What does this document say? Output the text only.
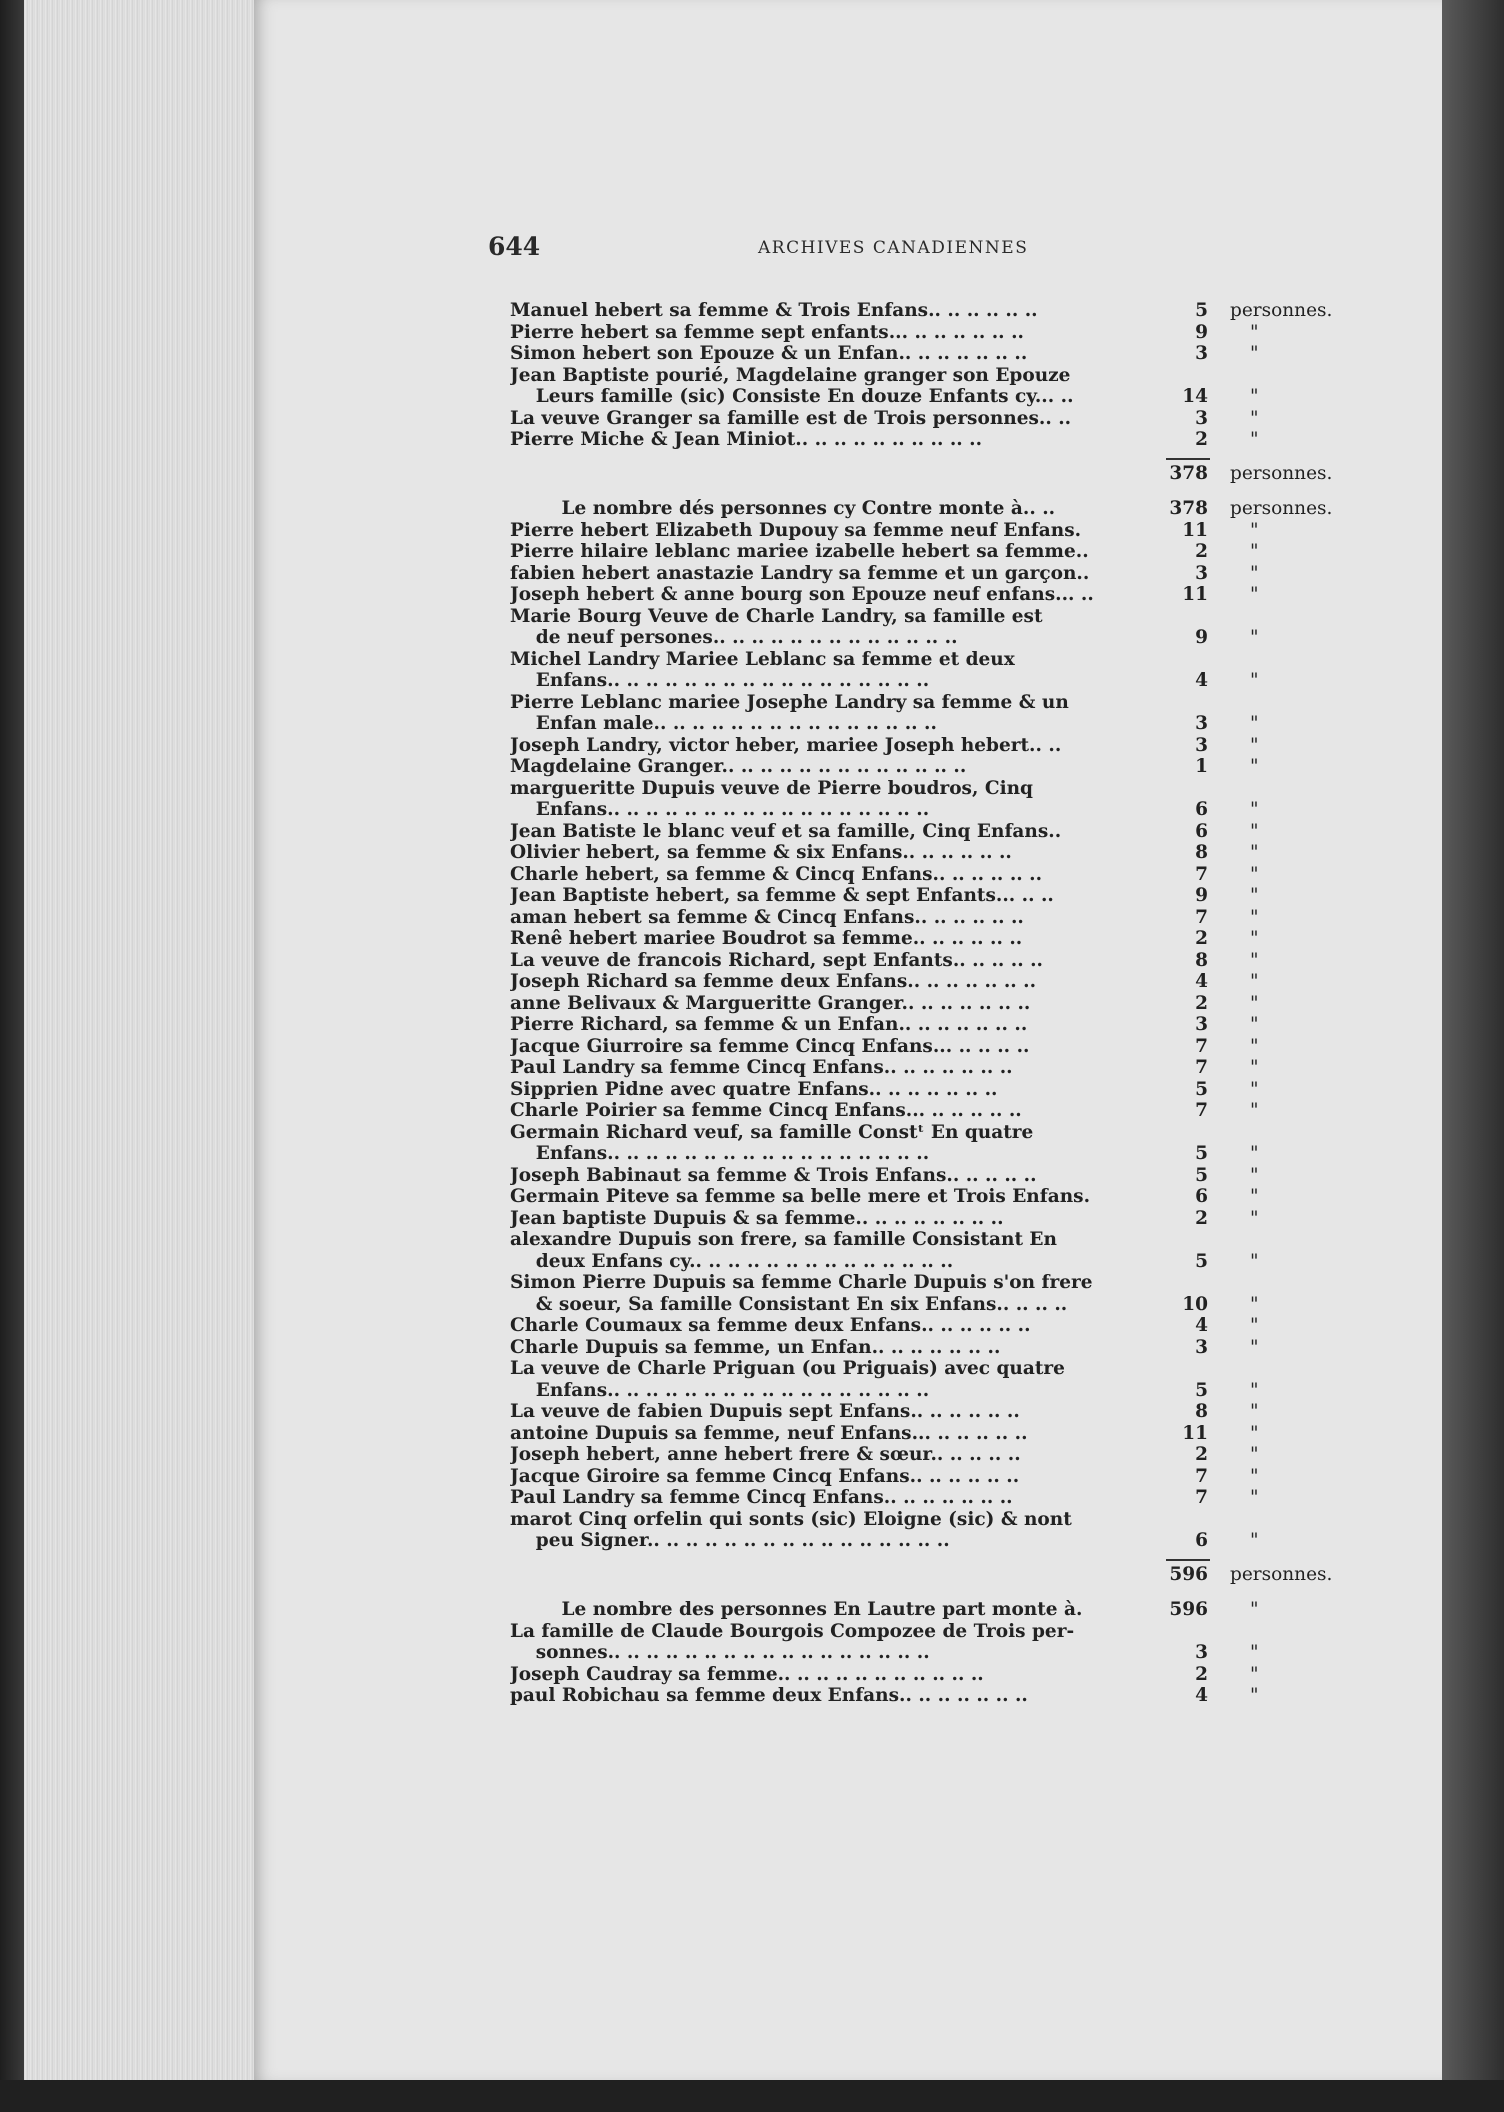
644	ARCHIVES CANADIENNES
Manuel hebert sa femme & Trois Enfans.. .. .. .. .. ..	5	personnes.
Pierre hebert sa femme sept enfants... .. .. .. .. .. ..	9	"
Simon hebert son Epouze & un Enfan.. .. .. .. .. .. ..	3	"
Jean Baptiste pourié, Magdelaine granger son Epouze
Leurs famille (sic) Consiste En douze Enfants cy... ..	14	"
La veuve Granger sa famille est de Trois personnes.. ..	3	"
Pierre Miche & Jean Miniot.. .. .. .. .. .. .. .. .. ..	2	"
378	personnes.
Le nombre dés personnes cy Contre monte à.. ..	378	personnes.
Pierre hebert Elizabeth Dupouy sa femme neuf Enfans.	11	"
Pierre hilaire leblanc mariee izabelle hebert sa femme..	2	"
fabien hebert anastazie Landry sa femme et un garçon..	3	"
Joseph hebert & anne bourg son Epouze neuf enfans... ..	11	"
Marie Bourg Veuve de Charle Landry, sa famille est
de neuf persones.. .. .. .. .. .. .. .. .. .. .. .. ..	9	"
Michel Landry Mariee Leblanc sa femme et deux
Enfans.. .. .. .. .. .. .. .. .. .. .. .. .. .. .. .. ..	4	"
Pierre Leblanc mariee Josephe Landry sa femme & un
Enfan male.. .. .. .. .. .. .. .. .. .. .. .. .. .. ..	3	"
Joseph Landry, victor heber, mariee Joseph hebert.. ..	3	"
Magdelaine Granger.. .. .. .. .. .. .. .. .. .. .. .. ..	1	"
margueritte Dupuis veuve de Pierre boudros, Cinq
Enfans.. .. .. .. .. .. .. .. .. .. .. .. .. .. .. .. ..	6	"
Jean Batiste le blanc veuf et sa famille, Cinq Enfans..	6	"
Olivier hebert, sa femme & six Enfans.. .. .. .. .. ..	8	"
Charle hebert, sa femme & Cincq Enfans.. .. .. .. .. ..	7	"
Jean Baptiste hebert, sa femme & sept Enfants... .. ..	9	"
aman hebert sa femme & Cincq Enfans.. .. .. .. .. ..	7	"
Renê hebert mariee Boudrot sa femme.. .. .. .. .. ..	2	"
La veuve de francois Richard, sept Enfants.. .. .. .. ..	8	"
Joseph Richard sa femme deux Enfans.. .. .. .. .. .. ..	4	"
anne Belivaux & Margueritte Granger.. .. .. .. .. .. ..	2	"
Pierre Richard, sa femme & un Enfan.. .. .. .. .. .. ..	3	"
Jacque Giurroire sa femme Cincq Enfans... .. .. .. ..	7	"
Paul Landry sa femme Cincq Enfans.. .. .. .. .. .. ..	7	"
Sipprien Pidne avec quatre Enfans.. .. .. .. .. .. ..	5	"
Charle Poirier sa femme Cincq Enfans... .. .. .. .. ..	7	"
Germain Richard veuf, sa famille Constᵗ En quatre
Enfans.. .. .. .. .. .. .. .. .. .. .. .. .. .. .. .. ..	5	"
Joseph Babinaut sa femme & Trois Enfans.. .. .. .. ..	5	"
Germain Piteve sa femme sa belle mere et Trois Enfans.	6	"
Jean baptiste Dupuis & sa femme.. .. .. .. .. .. .. ..	2	"
alexandre Dupuis son frere, sa famille Consistant En
deux Enfans cy.. .. .. .. .. .. .. .. .. .. .. .. .. ..	5	"
Simon Pierre Dupuis sa femme Charle Dupuis s'on frere
& soeur, Sa famille Consistant En six Enfans.. .. .. ..	10	"
Charle Coumaux sa femme deux Enfans.. .. .. .. .. ..	4	"
Charle Dupuis sa femme, un Enfan.. .. .. .. .. .. ..	3	"
La veuve de Charle Priguan (ou Priguais) avec quatre
Enfans.. .. .. .. .. .. .. .. .. .. .. .. .. .. .. .. ..	5	"
La veuve de fabien Dupuis sept Enfans.. .. .. .. .. ..	8	"
antoine Dupuis sa femme, neuf Enfans... .. .. .. .. ..	11	"
Joseph hebert, anne hebert frere & sœur.. .. .. .. ..	2	"
Jacque Giroire sa femme Cincq Enfans.. .. .. .. .. ..	7	"
Paul Landry sa femme Cincq Enfans.. .. .. .. .. .. ..	7	"
marot Cinq orfelin qui sonts (sic) Eloigne (sic) & nont
peu Signer.. .. .. .. .. .. .. .. .. .. .. .. .. .. .. ..	6	"
596	personnes.
Le nombre des personnes En Lautre part monte à.	596	"
La famille de Claude Bourgois Compozee de Trois per-
sonnes.. .. .. .. .. .. .. .. .. .. .. .. .. .. .. .. ..	3	"
Joseph Caudray sa femme.. .. .. .. .. .. .. .. .. .. ..	2	"
paul Robichau sa femme deux Enfans.. .. .. .. .. .. ..	4	"
